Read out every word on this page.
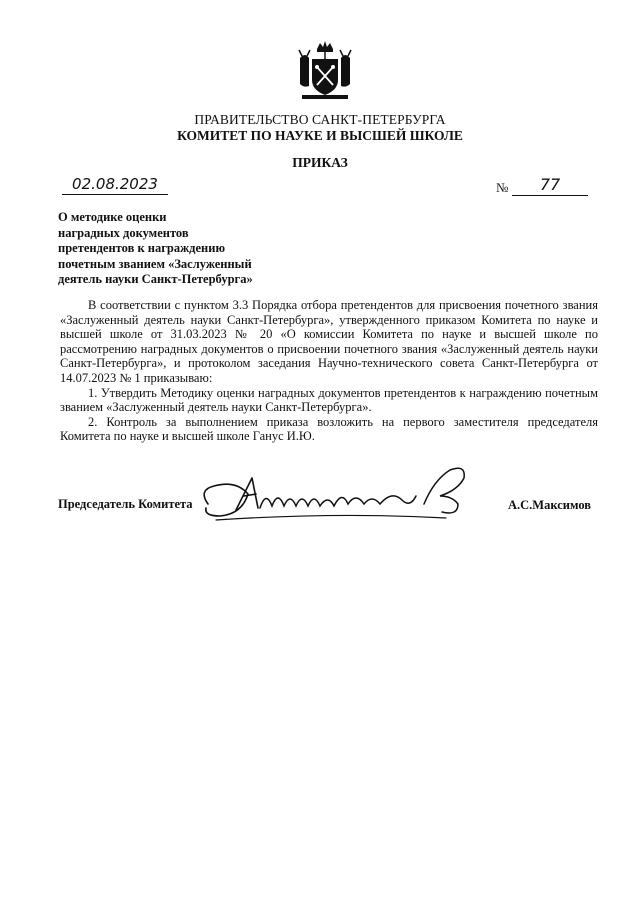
ПРАВИТЕЛЬСТВО САНКТ-ПЕТЕРБУРГА
КОМИТЕТ ПО НАУКЕ И ВЫСШЕЙ ШКОЛЕ
ПРИКАЗ
02.08.2023	№	77
О методике оценки
наградных документов
претендентов к награждению
почетным званием «Заслуженный
деятель науки Санкт-Петербурга»

В соответствии с пунктом 3.3 Порядка отбора претендентов для присвоения почетного звания «Заслуженный деятель науки Санкт-Петербурга», утвержденного приказом Комитета по науке и высшей школе от 31.03.2023 № 20 «О комиссии Комитета по науке и высшей школе по рассмотрению наградных документов о присвоении почетного звания «Заслуженный деятель науки Санкт-Петербурга», и протоколом заседания Научно-технического совета Санкт-Петербурга от 14.07.2023 № 1 приказываю:

1. Утвердить Методику оценки наградных документов претендентов к награждению почетным званием «Заслуженный деятель науки Санкт-Петербурга».

2. Контроль за выполнением приказа возложить на первого заместителя председателя Комитета по науке и высшей школе Ганус И.Ю.

Председатель Комитета	А.С.Максимов
